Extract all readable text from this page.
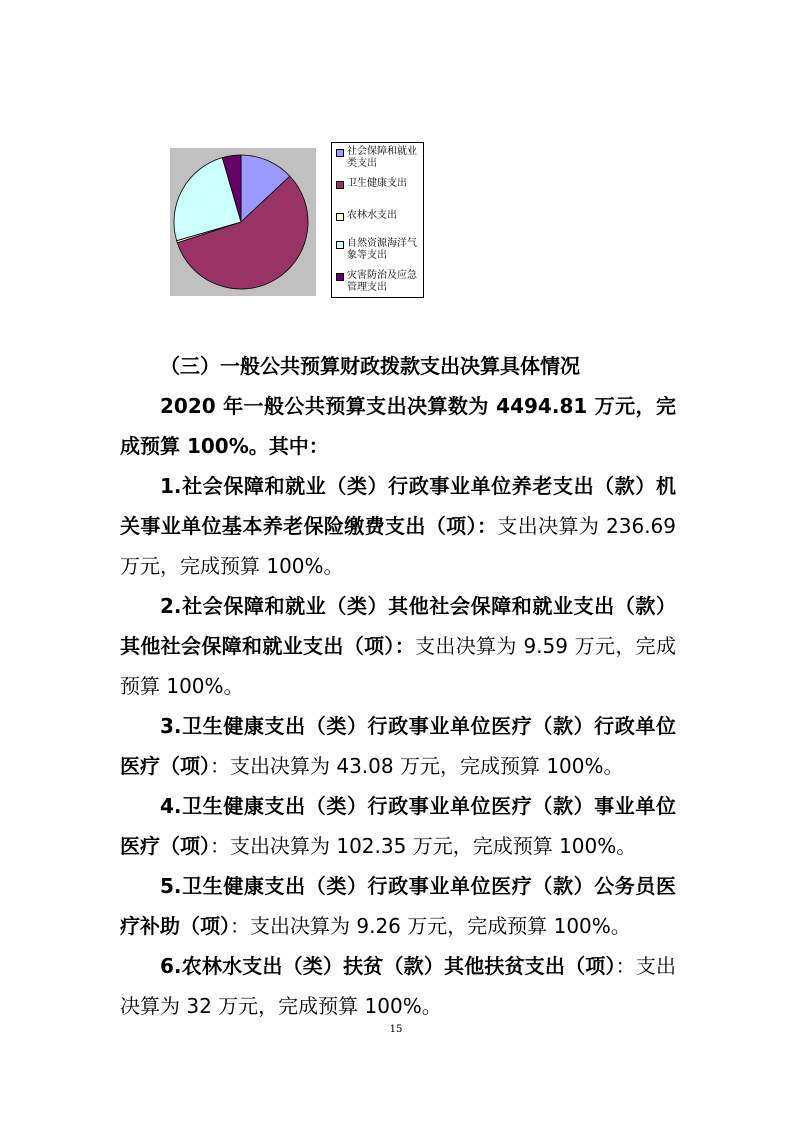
社会保障和就业类支出
卫生健康支出
农林水支出
自然资源海洋气象等支出
灾害防治及应急管理支出

（三）一般公共预算财政拨款支出决算具体情况

2020 年一般公共预算支出决算数为 4494.81 万元，完成预算 100%。其中：

1.社会保障和就业（类）行政事业单位养老支出（款）机关事业单位基本养老保险缴费支出（项）：支出决算为 236.69 万元，完成预算 100%。

2.社会保障和就业（类）其他社会保障和就业支出（款）其他社会保障和就业支出（项）：支出决算为 9.59 万元，完成预算 100%。

3.卫生健康支出（类）行政事业单位医疗（款）行政单位医疗（项）：支出决算为 43.08 万元，完成预算 100%。

4.卫生健康支出（类）行政事业单位医疗（款）事业单位医疗（项）：支出决算为 102.35 万元，完成预算 100%。

5.卫生健康支出（类）行政事业单位医疗（款）公务员医疗补助（项）：支出决算为 9.26 万元，完成预算 100%。

6.农林水支出（类）扶贫（款）其他扶贫支出（项）：支出决算为 32 万元，完成预算 100%。

15
